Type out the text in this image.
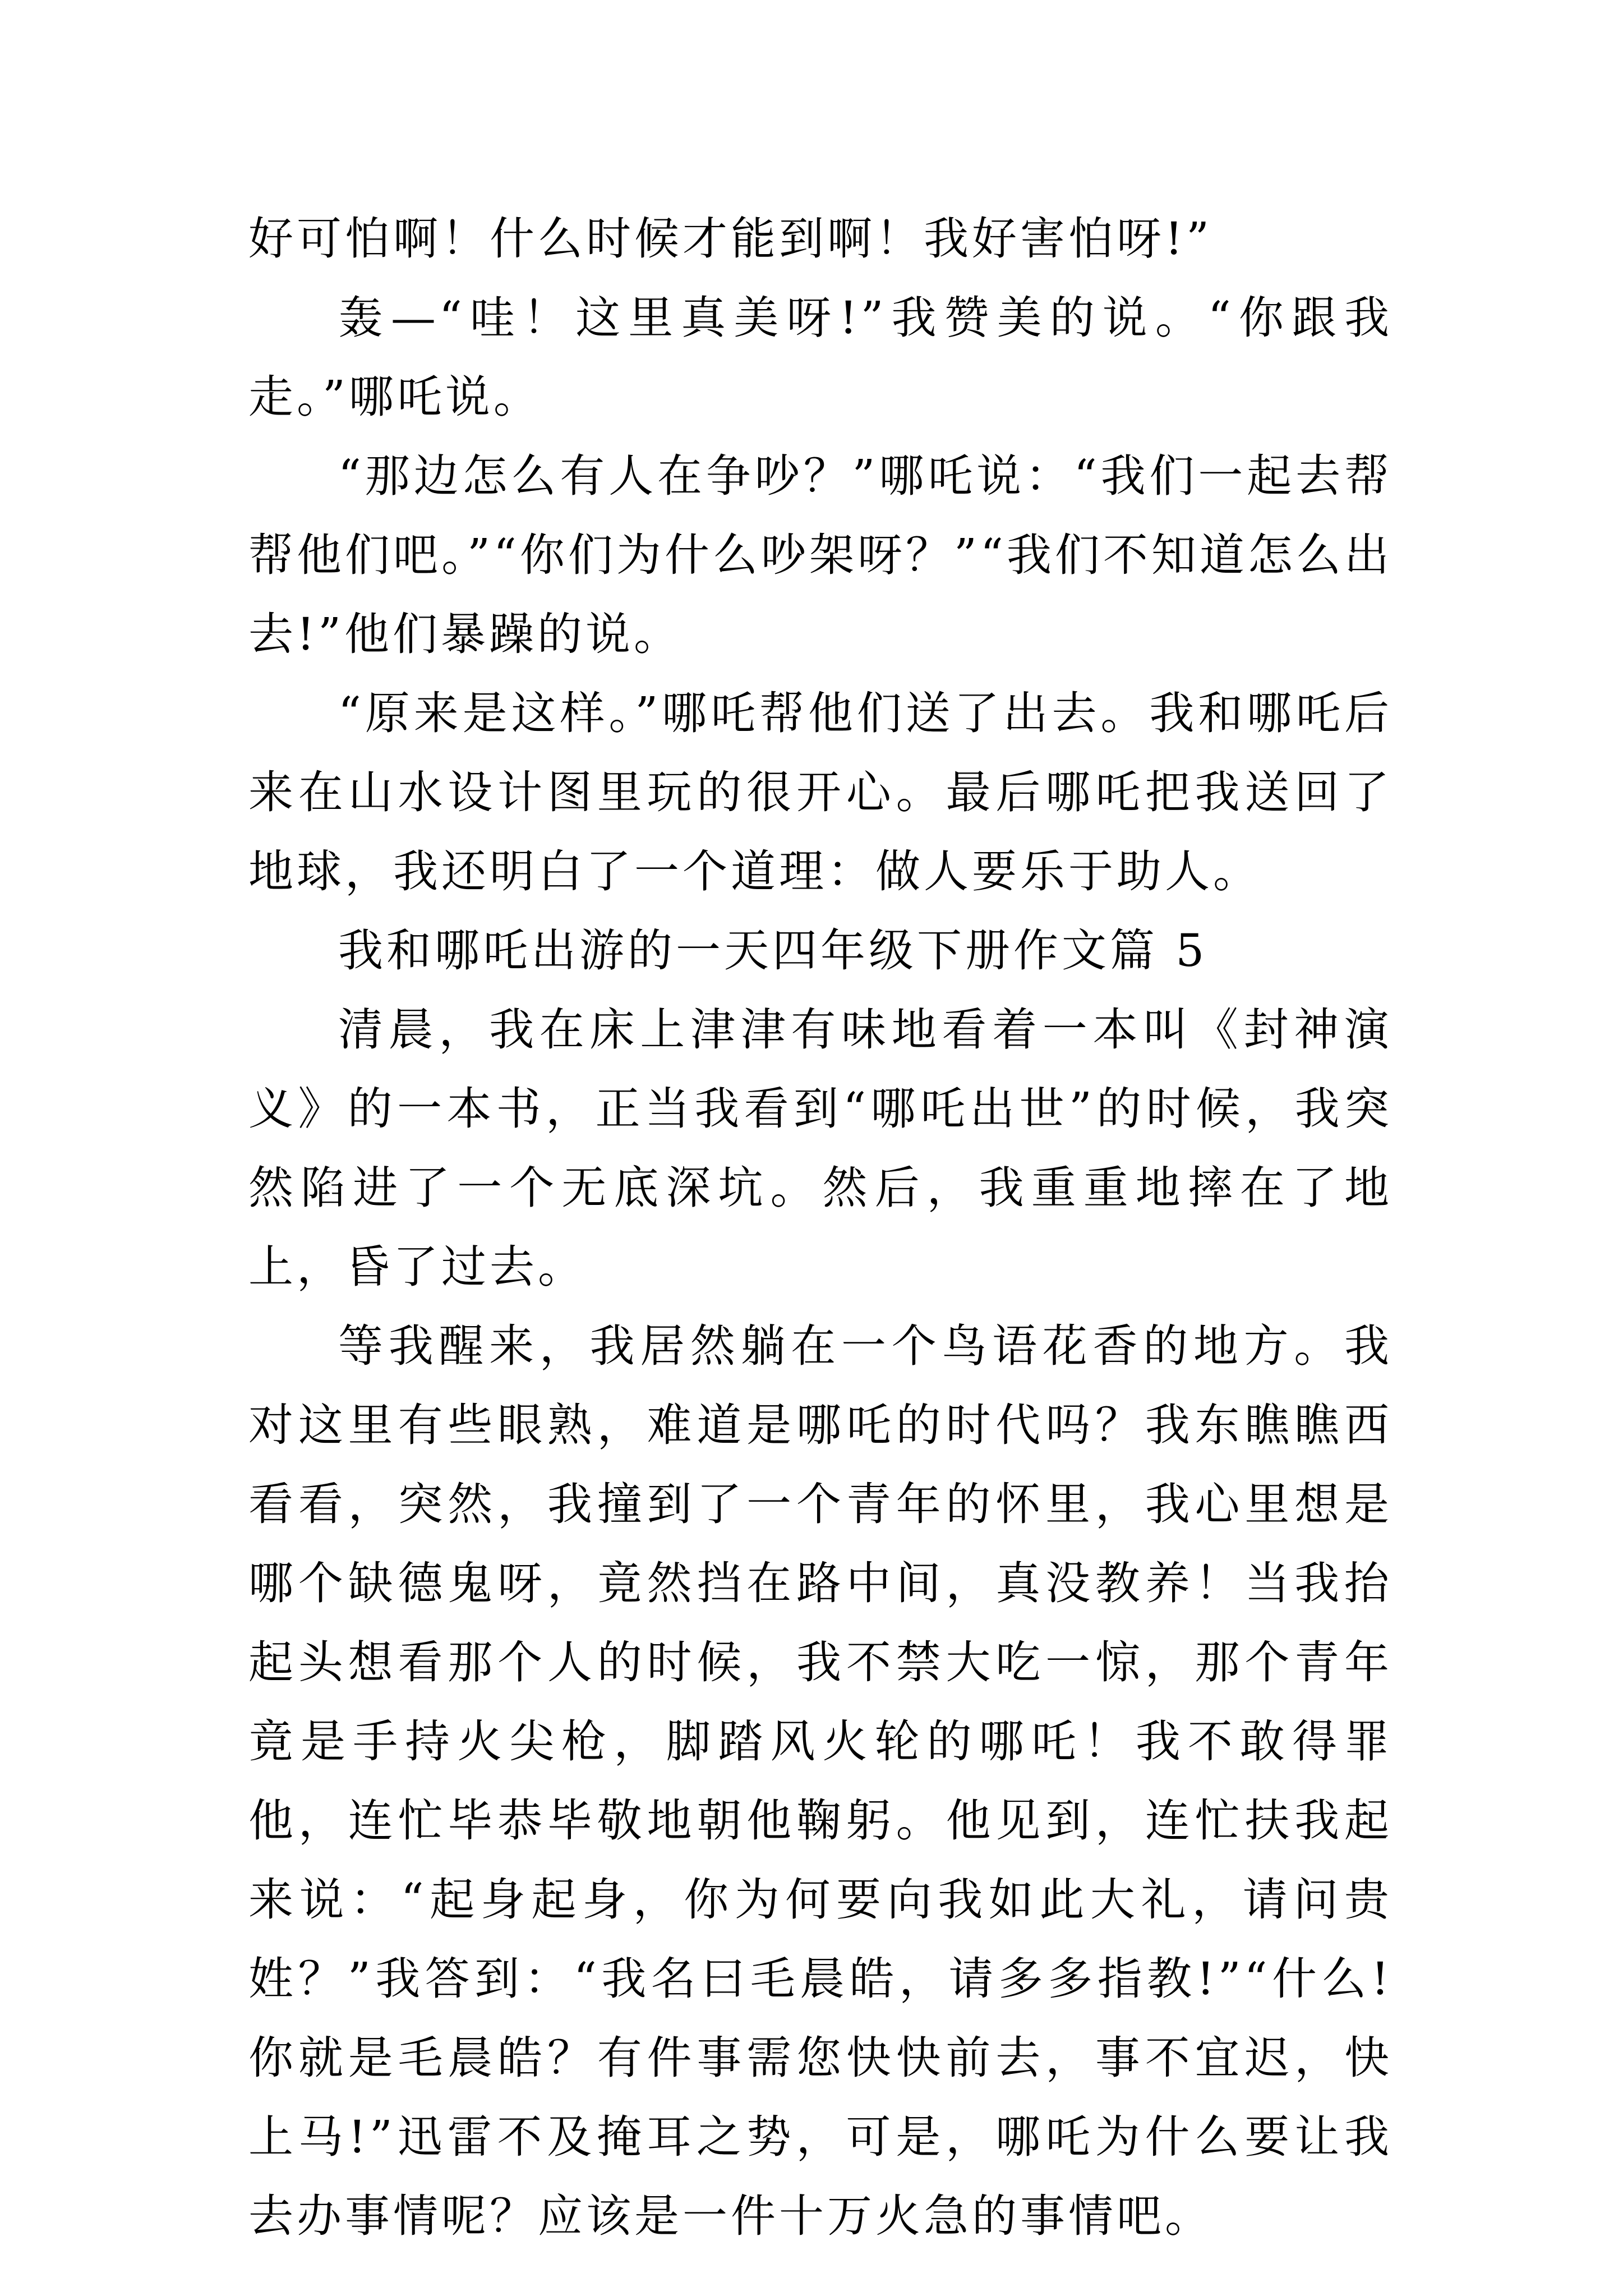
好可怕啊！什么时候才能到啊！我好害怕呀!”

轰—“哇！这里真美呀!”我赞美的说。“你跟我走。”哪吒说。

“那边怎么有人在争吵？”哪吒说：“我们一起去帮帮他们吧。”“你们为什么吵架呀？”“我们不知道怎么出去!”他们暴躁的说。

“原来是这样。”哪吒帮他们送了出去。我和哪吒后来在山水设计图里玩的很开心。最后哪吒把我送回了地球，我还明白了一个道理：做人要乐于助人。

我和哪吒出游的一天四年级下册作文篇 5

清晨，我在床上津津有味地看着一本叫《封神演义》的一本书，正当我看到“哪吒出世”的时候，我突然陷进了一个无底深坑。然后，我重重地摔在了地上，昏了过去。

等我醒来，我居然躺在一个鸟语花香的地方。我对这里有些眼熟，难道是哪吒的时代吗？我东瞧瞧西看看，突然，我撞到了一个青年的怀里，我心里想是哪个缺德鬼呀，竟然挡在路中间，真没教养！当我抬起头想看那个人的时候，我不禁大吃一惊，那个青年竟是手持火尖枪，脚踏风火轮的哪吒！我不敢得罪他，连忙毕恭毕敬地朝他鞠躬。他见到，连忙扶我起来说：“起身起身，你为何要向我如此大礼，请问贵姓？”我答到：“我名曰毛晨皓，请多多指教!”“什么!你就是毛晨皓？有件事需您快快前去，事不宜迟，快上马!”迅雷不及掩耳之势，可是，哪吒为什么要让我去办事情呢？应该是一件十万火急的事情吧。
